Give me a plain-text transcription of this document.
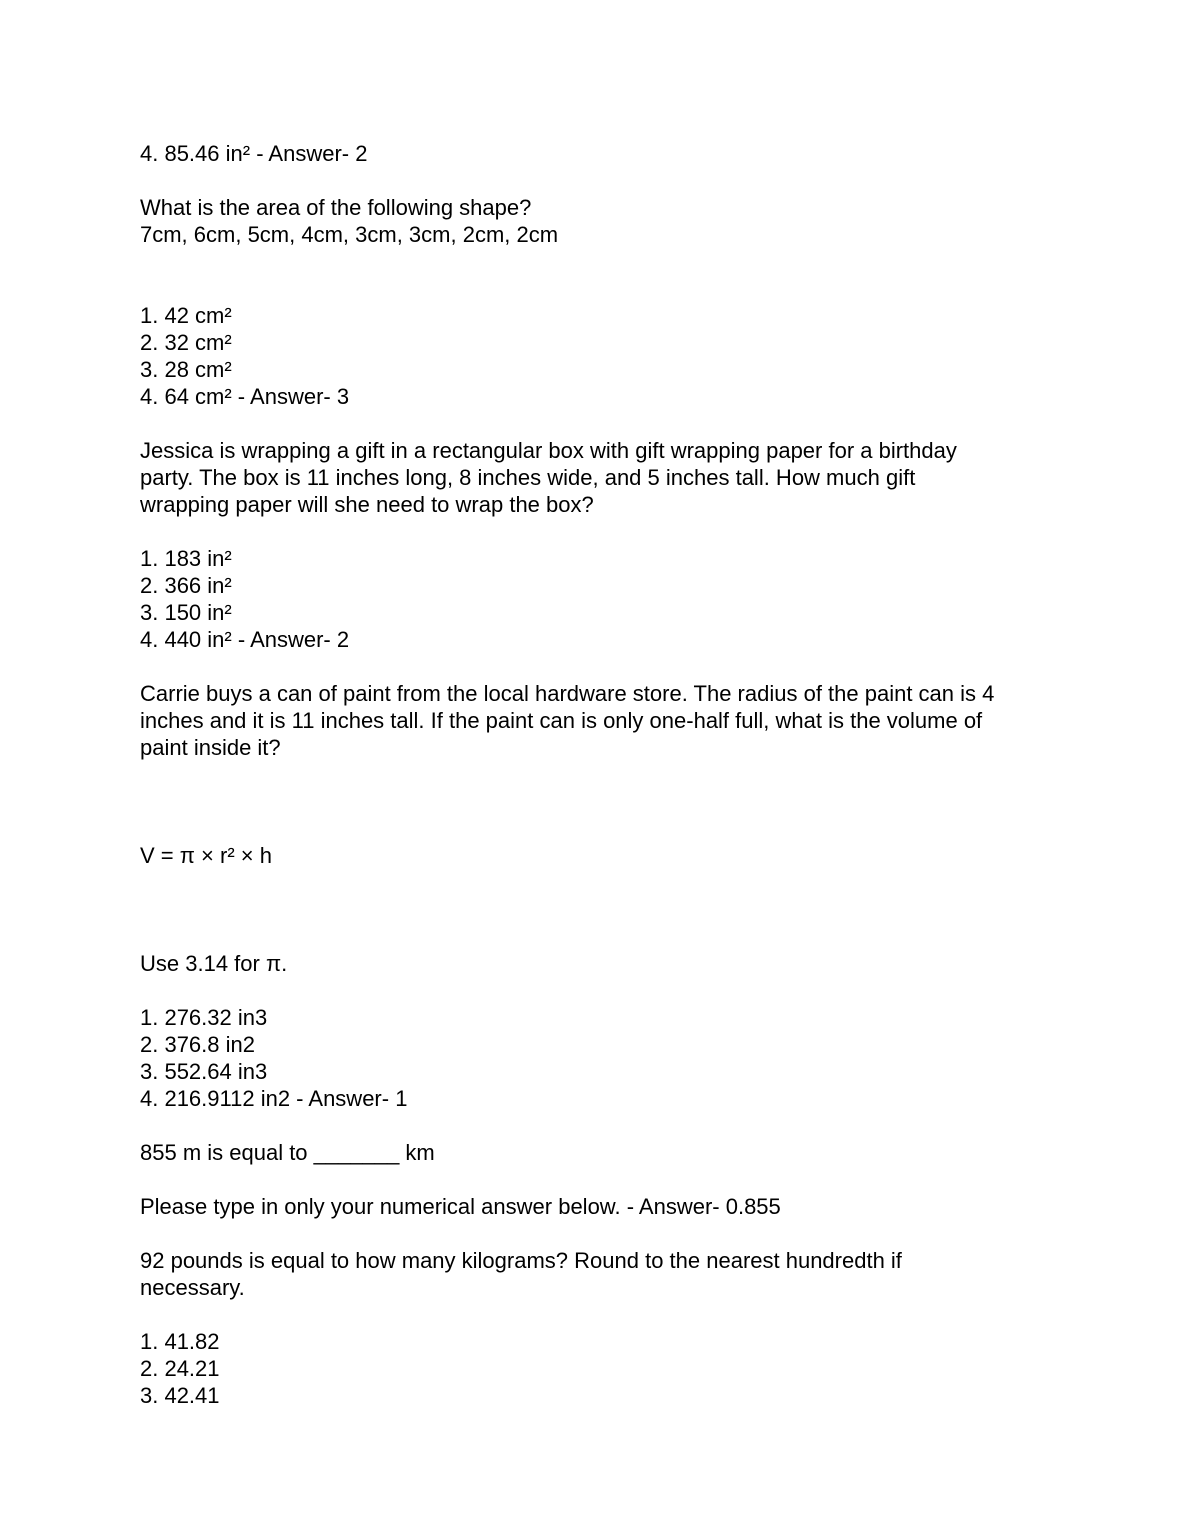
4. 85.46 in² - Answer- 2
What is the area of the following shape?
7cm, 6cm, 5cm, 4cm, 3cm, 3cm, 2cm, 2cm
1. 42 cm²
2. 32 cm²
3. 28 cm²
4. 64 cm² - Answer- 3
Jessica is wrapping a gift in a rectangular box with gift wrapping paper for a birthday
party. The box is 11 inches long, 8 inches wide, and 5 inches tall. How much gift
wrapping paper will she need to wrap the box?
1. 183 in²
2. 366 in²
3. 150 in²
4. 440 in² - Answer- 2
Carrie buys a can of paint from the local hardware store. The radius of the paint can is 4
inches and it is 11 inches tall. If the paint can is only one-half full, what is the volume of
paint inside it?
V = π × r² × h
Use 3.14 for π.
1. 276.32 in3
2. 376.8 in2
3. 552.64 in3
4. 216.9112 in2 - Answer- 1
855 m is equal to _______ km
Please type in only your numerical answer below. - Answer- 0.855
92 pounds is equal to how many kilograms? Round to the nearest hundredth if
necessary.
1. 41.82
2. 24.21
3. 42.41
